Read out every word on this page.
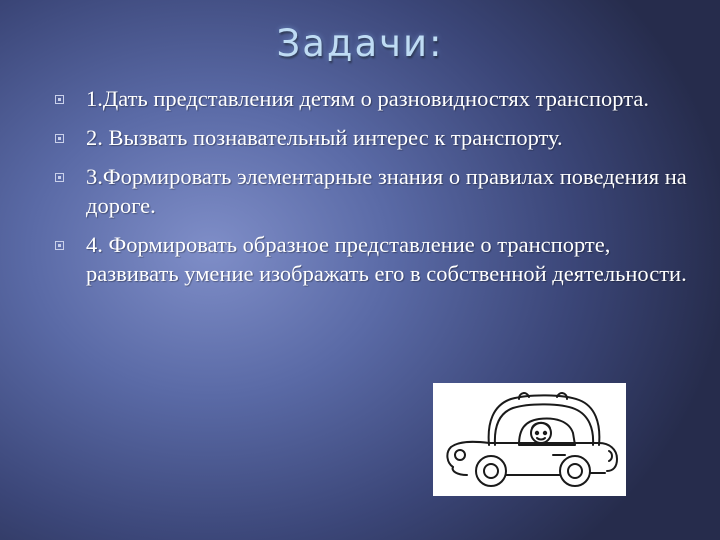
Задачи:
1.Дать представления детям о разновидностях транспорта.
2. Вызвать познавательный интерес к транспорту.
3.Формировать элементарные знания о правилах поведения на дороге.
4. Формировать образное представление о транспорте, развивать умение изображать его в собственной деятельности.
